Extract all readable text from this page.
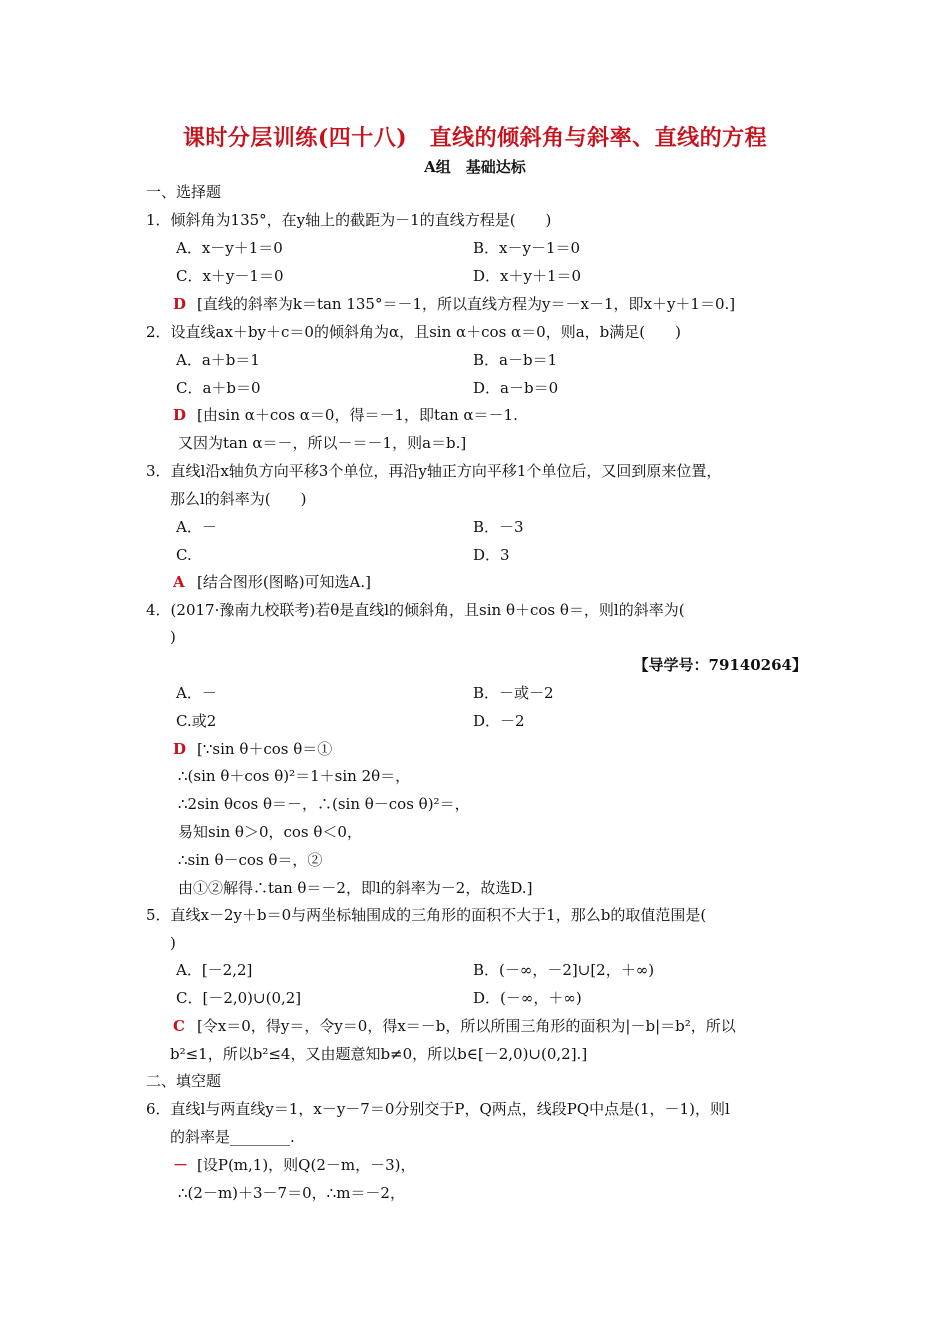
课时分层训练(四十八)　直线的倾斜角与斜率、直线的方程
A组　基础达标
一、选择题
1．倾斜角为135°，在y轴上的截距为－1的直线方程是(　　)
A．x－y＋1＝0	B．x－y－1＝0
C．x＋y－1＝0	D．x＋y＋1＝0
D [直线的斜率为k＝tan 135°＝－1，所以直线方程为y＝－x－1，即x＋y＋1＝0.]
2．设直线ax＋by＋c＝0的倾斜角为α，且sin α＋cos α＝0，则a，b满足(　　)
A．a＋b＝1	B．a－b＝1
C．a＋b＝0	D．a－b＝0
D [由sin α＋cos α＝0，得＝－1，即tan α＝－1.
又因为tan α＝－，所以－＝－1，则a＝b.]
3．直线l沿x轴负方向平移3个单位，再沿y轴正方向平移1个单位后，又回到原来位置，
那么l的斜率为(　　)
A．－	B．－3
C.	D．3
A [结合图形(图略)可知选A.]
4．(2017·豫南九校联考)若θ是直线l的倾斜角，且sin θ＋cos θ＝，则l的斜率为(
)
【导学号：79140264】
A．－	B．－或－2
C.或2	D．－2
D [∵sin θ＋cos θ＝①
∴(sin θ＋cos θ)²＝1＋sin 2θ＝，
∴2sin θcos θ＝－，∴(sin θ－cos θ)²＝，
易知sin θ＞0，cos θ＜0，
∴sin θ－cos θ＝，②
由①②解得∴tan θ＝－2，即l的斜率为－2，故选D.]
5．直线x－2y＋b＝0与两坐标轴围成的三角形的面积不大于1，那么b的取值范围是(
)
A．[－2,2]	B．(－∞，－2]∪[2，＋∞)
C．[－2,0)∪(0,2]	D．(－∞，＋∞)
C [令x＝0，得y＝，令y＝0，得x＝－b，所以所围三角形的面积为|－b|＝b²，所以
b²≤1，所以b²≤4，又由题意知b≠0，所以b∈[－2,0)∪(0,2].]
二、填空题
6．直线l与两直线y＝1，x－y－7＝0分别交于P，Q两点，线段PQ中点是(1，－1)，则l
的斜率是________.
－ [设P(m,1)，则Q(2－m，－3)，
∴(2－m)＋3－7＝0，∴m＝－2，
